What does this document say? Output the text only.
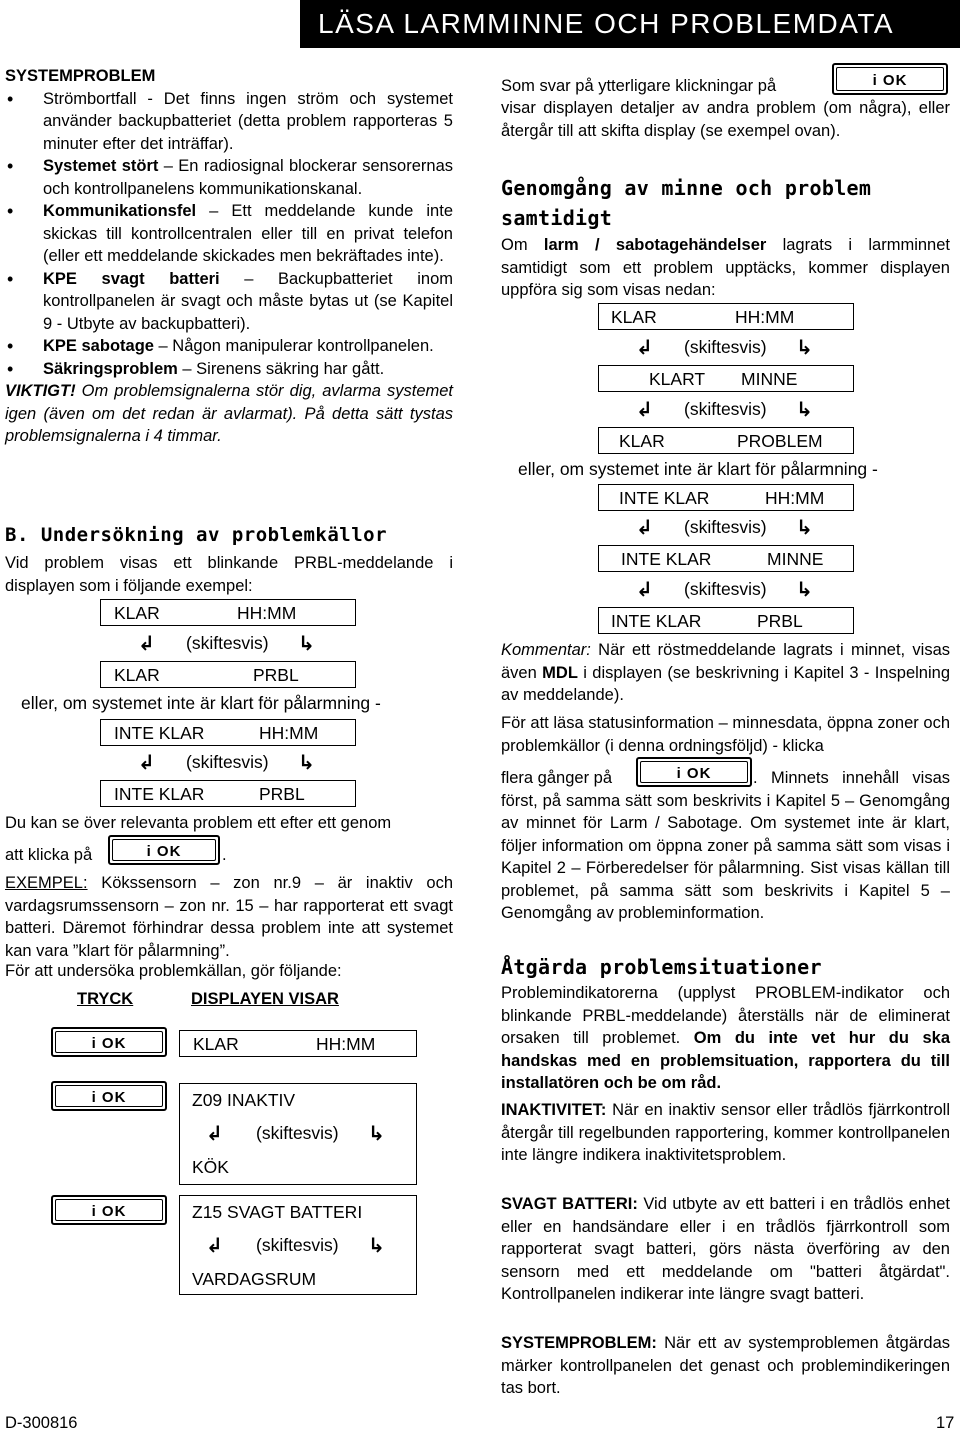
LÄSA LARMMINNE OCH PROBLEMDATA
SYSTEMPROBLEM
• Strömbortfall - Det finns ingen ström och systemet använder backupbatteriet (detta problem rapporteras 5 minuter efter det inträffar).
• Systemet stört – En radiosignal blockerar sensorernas och kontrollpanelens kommunikationskanal.
• Kommunikationsfel – Ett meddelande kunde inte skickas till kontrollcentralen eller till en privat telefon (eller ett meddelande skickades men bekräftades inte).
• KPE svagt batteri – Backupbatteriet inom kontrollpanelen är svagt och måste bytas ut (se Kapitel 9 - Utbyte av backupbatteri).
• KPE sabotage – Någon manipulerar kontrollpanelen.
• Säkringsproblem – Sirenens säkring har gått.
VIKTIGT! Om problemsignalerna stör dig, avlarma systemet igen (även om det redan är avlarmat). På detta sätt tystas problemsignalerna i 4 timmar.
B. Undersökning av problemkällor
Vid problem visas ett blinkande PRBL-meddelande i displayen som i följande exempel:
KLAR	HH:MM
↲ (skiftesvis) ↳
KLAR	PRBL
eller, om systemet inte är klart för pålarmning -
INTE KLAR	HH:MM
↲ (skiftesvis) ↳
INTE KLAR	PRBL
Du kan se över relevanta problem ett efter ett genom
att klicka på	i OK	.
EXEMPEL: Kökssensorn – zon nr.9 – är inaktiv och vardagsrumssensorn – zon nr. 15 – har rapporterat ett svagt batteri. Däremot förhindrar dessa problem inte att systemet kan vara ”klart för pålarmning”.
För att undersöka problemkällan, gör följande:
TRYCK	DISPLAYEN VISAR
i OK	KLAR	HH:MM
i OK	Z09 INAKTIV
↲ (skiftesvis) ↳
KÖK
i OK	Z15 SVAGT BATTERI
↲ (skiftesvis) ↳
VARDAGSRUM
Som svar på ytterligare klickningar på	i OK
visar displayen detaljer av andra problem (om några), eller återgår till att skifta display (se exempel ovan).
Genomgång av minne och problem samtidigt
Om larm / sabotagehändelser lagrats i larmminnet samtidigt som ett problem upptäcks, kommer displayen uppföra sig som visas nedan:
KLAR	HH:MM
↲ (skiftesvis) ↳
KLART MINNE
↲ (skiftesvis) ↳
KLAR	PROBLEM
eller, om systemet inte är klart för pålarmning -
INTE KLAR	HH:MM
↲ (skiftesvis) ↳
INTE KLAR	MINNE
↲ (skiftesvis) ↳
INTE KLAR	PRBL
Kommentar: När ett röstmeddelande lagrats i minnet, visas även MDL i displayen (se beskrivning i Kapitel 3 - Inspelning av meddelande).
För att läsa statusinformation – minnesdata, öppna zoner och problemkällor (i denna ordningsföljd) - klicka
flera gånger på	i OK	. Minnets innehåll visas först, på samma sätt som beskrivits i Kapitel 5 – Genomgång av minnet för Larm / Sabotage. Om systemet inte är klart, följer information om öppna zoner på samma sätt som visas i Kapitel 2 – Förberedelser för pålarmning. Sist visas källan till problemet, på samma sätt som beskrivits i Kapitel 5 – Genomgång av probleminformation.
Åtgärda problemsituationer
Problemindikatorerna (upplyst PROBLEM-indikator och blinkande PRBL-meddelande) återställs när de eliminerat orsaken till problemet. Om du inte vet hur du ska handskas med en problemsituation, rapportera du till installatören och be om råd.
INAKTIVITET: När en inaktiv sensor eller trådlös fjärrkontroll återgår till regelbunden rapportering, kommer kontrollpanelen inte längre indikera inaktivitetsproblem.
SVAGT BATTERI: Vid utbyte av ett batteri i en trådlös enhet eller en handsändare eller i en trådlös fjärrkontroll som rapporterat svagt batteri, görs nästa överföring av den sensorn med ett meddelande om "batteri åtgärdat". Kontrollpanelen indikerar inte längre svagt batteri.
SYSTEMPROBLEM: När ett av systemproblemen åtgärdas märker kontrollpanelen det genast och problemindikeringen tas bort.
D-300816	17
